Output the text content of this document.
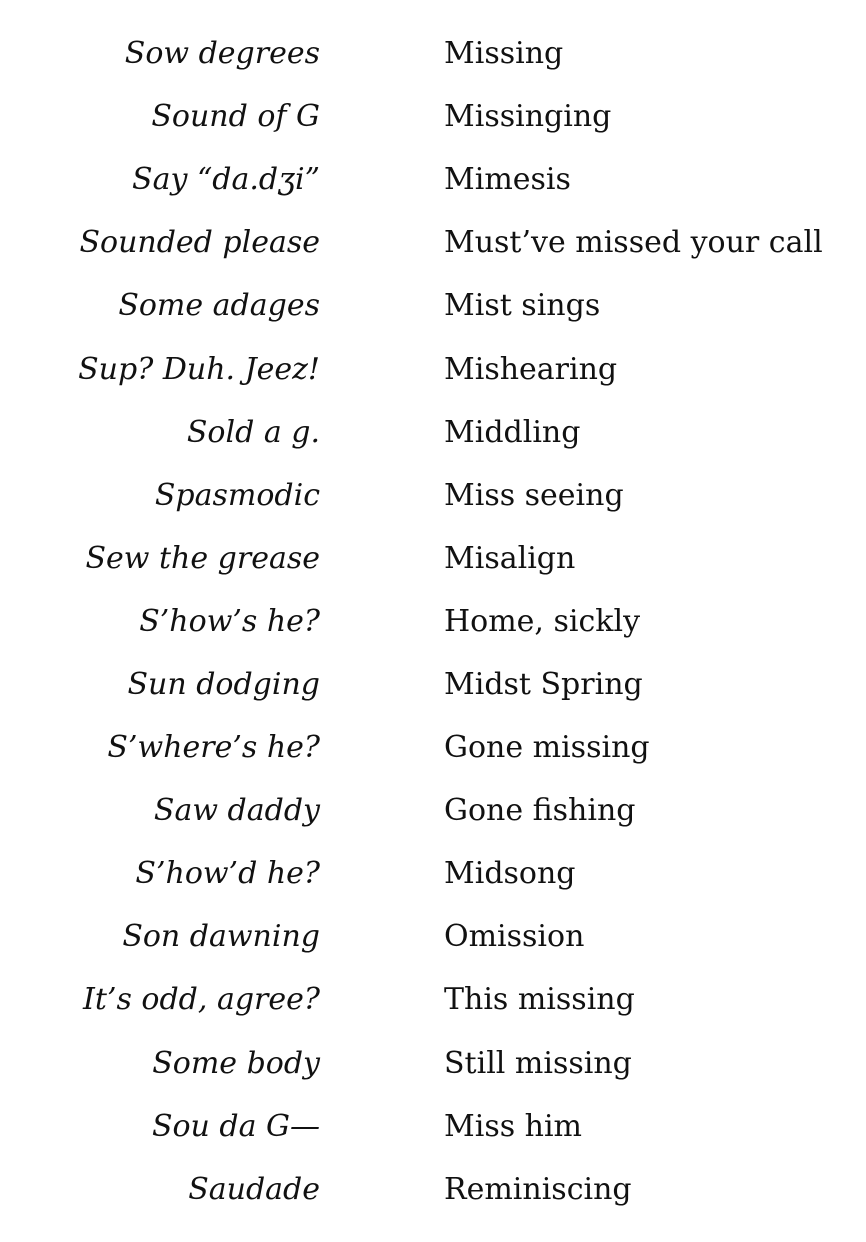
Sow degrees	Missing
Sound of G	Missinging
Say “da.dʒi”	Mimesis
Sounded please	Must’ve missed your call
Some adages	Mist sings
Sup? Duh. Jeez!	Mishearing
Sold a g.	Middling
Spasmodic	Miss seeing
Sew the grease	Misalign
S’how’s he?	Home, sickly
Sun dodging	Midst Spring
S’where’s he?	Gone missing
Saw daddy	Gone fishing
S’how’d he?	Midsong
Son dawning	Omission
It’s odd, agree?	This missing
Some body	Still missing
Sou da G—	Miss him
Saudade	Reminiscing
